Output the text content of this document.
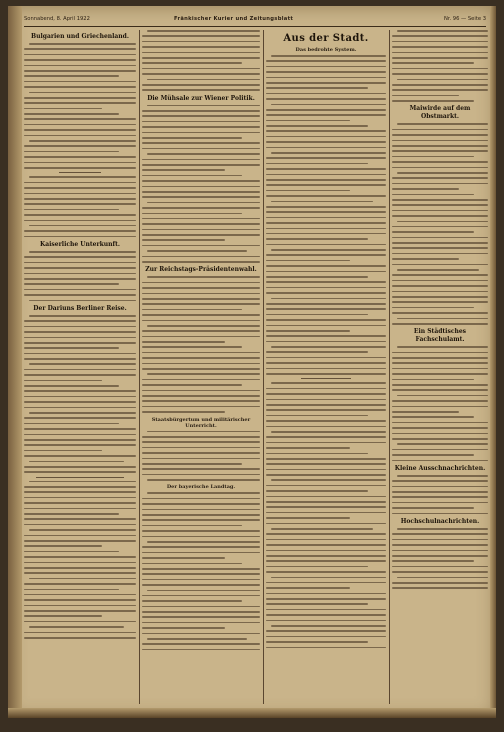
Sonnabend, 8. April 1922	Fränkischer Kurier und Zeitungsblatt	Nr. 96 — Seite 3
Bulgarien und Griechenland.
Kaiserliche Unterkunft.
Der Dariuns Berliner Reise.
Die Mühsale zur Wiener Politik.
Zur Reichstags-Präsidentenwahl.
Staatsbürgertum und militärischer Unterricht.
Der bayerische Landtag.
Aus der Stadt.
Das bedrohte System.
Maiwirde auf dem Obstmarkt.
Ein Städtisches Fachschulamt.
Kleine Ausschnachrichten.
Hochschulnachrichten.
